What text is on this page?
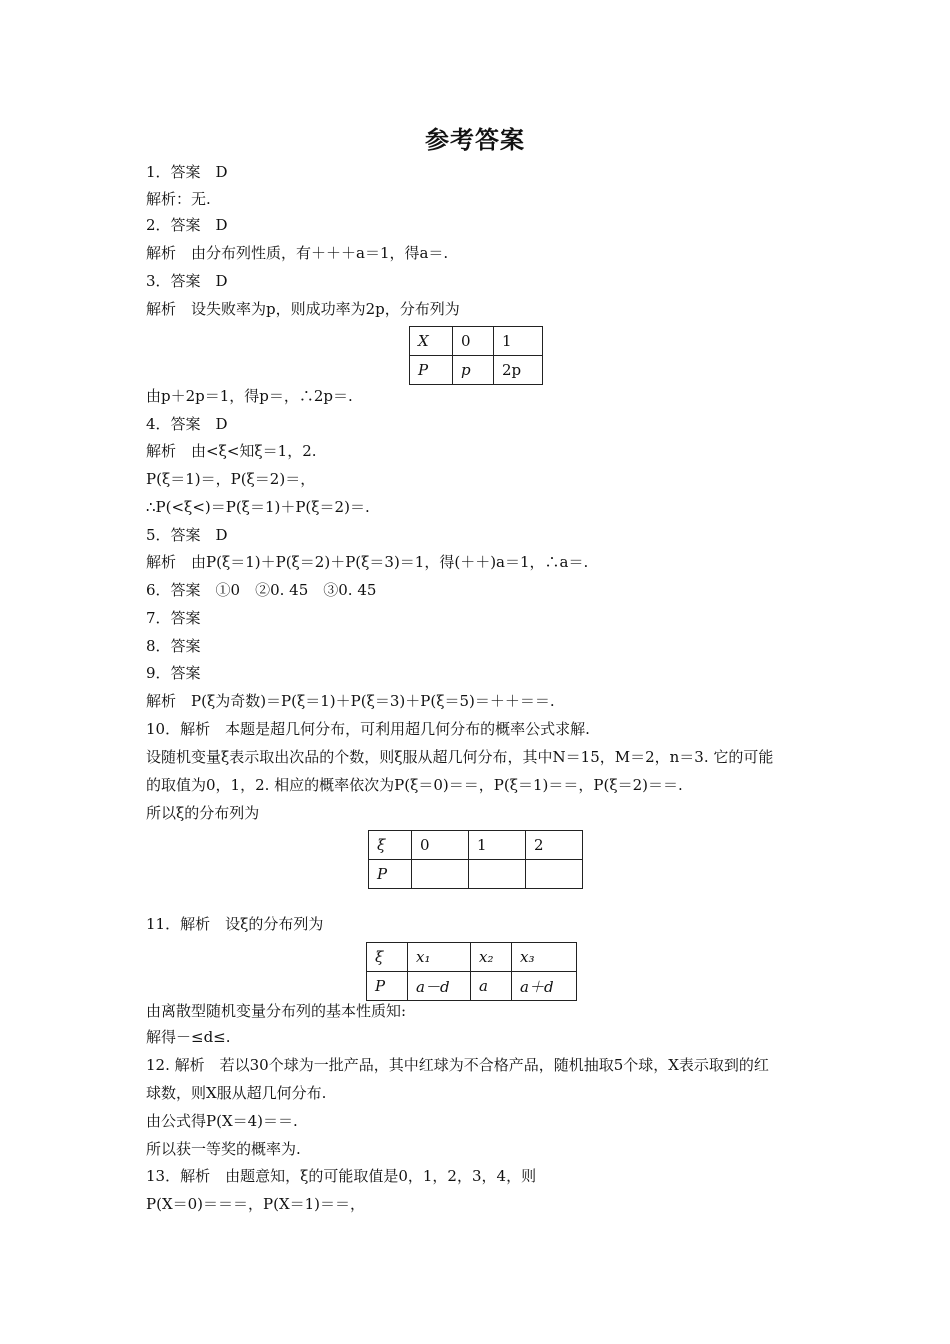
参考答案
1．答案　D
解析：无.
2．答案　D
解析　由分布列性质，有＋＋＋a＝1，得a＝.
3．答案　D
解析　设失败率为p，则成功率为2p，分布列为
X	0	1
P	p	2p
由p＋2p＝1，得p＝，∴2p＝.
4．答案　D
解析　由<ξ<知ξ＝1，2.
P(ξ＝1)＝，P(ξ＝2)＝，
∴P(<ξ<)＝P(ξ＝1)＋P(ξ＝2)＝.
5．答案　D
解析　由P(ξ＝1)＋P(ξ＝2)＋P(ξ＝3)＝1，得(＋＋)a＝1，∴a＝.
6．答案　①0　②0. 45　③0. 45
7．答案
8．答案
9．答案
解析　P(ξ为奇数)＝P(ξ＝1)＋P(ξ＝3)＋P(ξ＝5)＝＋＋＝＝.
10．解析　本题是超几何分布，可利用超几何分布的概率公式求解.
设随机变量ξ表示取出次品的个数，则ξ服从超几何分布，其中N＝15，M＝2，n＝3. 它的可能
的取值为0，1，2. 相应的概率依次为P(ξ＝0)＝＝，P(ξ＝1)＝＝，P(ξ＝2)＝＝.
所以ξ的分布列为
ξ	0	1	2
P			
11．解析　设ξ的分布列为
ξ	x₁	x₂	x₃
P	a－d	a	a＋d
由离散型随机变量分布列的基本性质知:
解得－≤d≤.
12. 解析　若以30个球为一批产品，其中红球为不合格产品，随机抽取5个球，X表示取到的红
球数，则X服从超几何分布.
由公式得P(X＝4)＝＝.
所以获一等奖的概率为.
13．解析　由题意知，ξ的可能取值是0，1，2，3，4，则
P(X＝0)＝＝＝，P(X＝1)＝＝，
